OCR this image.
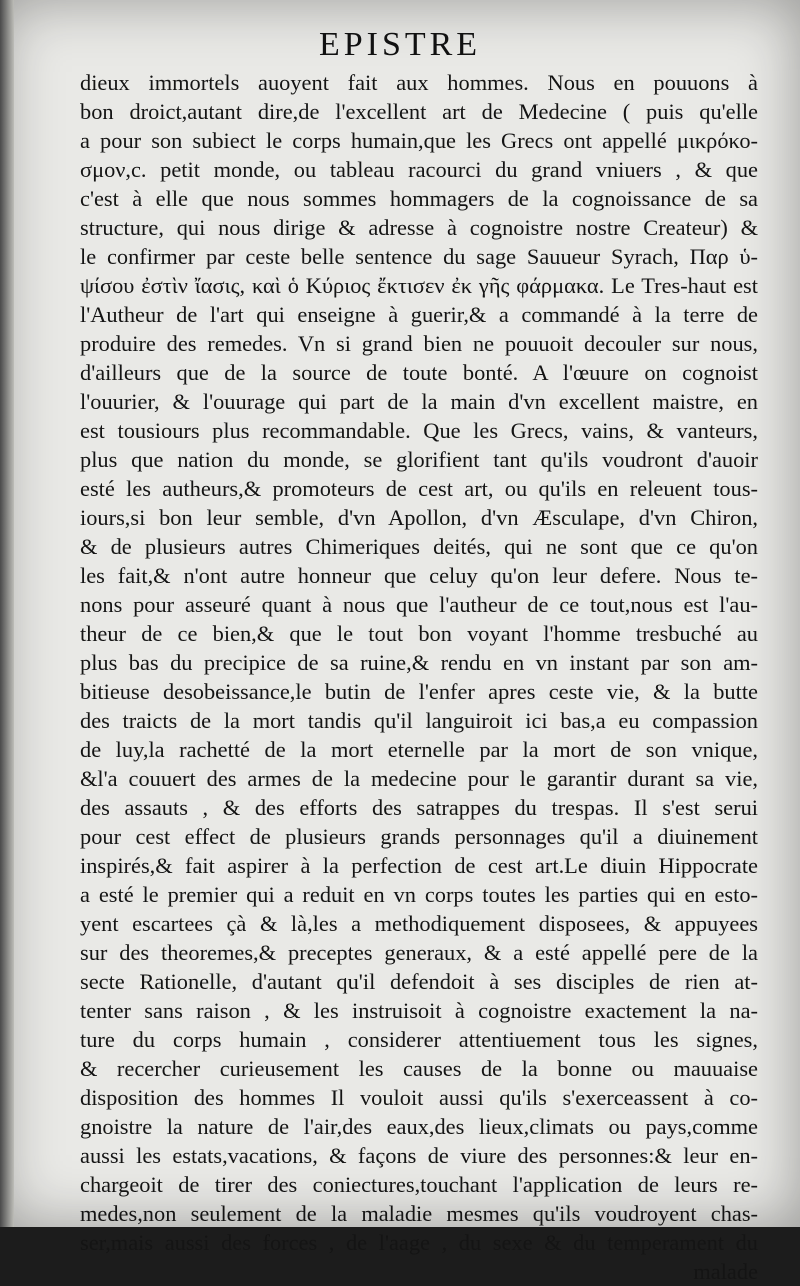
EPISTRE
dieux immortels auoyent fait aux hommes. Nous en pouuons à
bon droict,autant dire,de l'excellent art de Medecine ( puis qu'elle
a pour son subiect le corps humain,que les Grecs ont appellé μικρόκο-
σμον,c. petit monde, ou tableau racourci du grand vniuers , & que
c'est à elle que nous sommes hommagers de la cognoissance de sa
structure, qui nous dirige & adresse à cognoistre nostre Createur) &
le confirmer par ceste belle sentence du sage Sauueur Syrach, Παρ ὑ-
ψίσου ἐστὶν ἴασις, καὶ ὁ Κύριος ἔκτισεν ἐκ γῆς φάρμακα. Le Tres-haut est
l'Autheur de l'art qui enseigne à guerir,& a commandé à la terre de
produire des remedes. Vn si grand bien ne pouuoit decouler sur nous,
d'ailleurs que de la source de toute bonté. A l'œuure on cognoist
l'ouurier, & l'ouurage qui part de la main d'vn excellent maistre, en
est tousiours plus recommandable. Que les Grecs, vains, & vanteurs,
plus que nation du monde, se glorifient tant qu'ils voudront d'auoir
esté les autheurs,& promoteurs de cest art, ou qu'ils en releuent tous-
iours,si bon leur semble, d'vn Apollon, d'vn Æsculape, d'vn Chiron,
& de plusieurs autres Chimeriques deités, qui ne sont que ce qu'on
les fait,& n'ont autre honneur que celuy qu'on leur defere. Nous te-
nons pour asseuré quant à nous que l'autheur de ce tout,nous est l'au-
theur de ce bien,& que le tout bon voyant l'homme tresbuché au
plus bas du precipice de sa ruine,& rendu en vn instant par son am-
bitieuse desobeissance,le butin de l'enfer apres ceste vie, & la butte
des traicts de la mort tandis qu'il languiroit ici bas,a eu compassion
de luy,la rachetté de la mort eternelle par la mort de son vnique,
&l'a couuert des armes de la medecine pour le garantir durant sa vie,
des assauts , & des efforts des satrappes du trespas. Il s'est serui
pour cest effect de plusieurs grands personnages qu'il a diuinement
inspirés,& fait aspirer à la perfection de cest art.Le diuin Hippocrate
a esté le premier qui a reduit en vn corps toutes les parties qui en esto-
yent escartees çà & là,les a methodiquement disposees, & appuyees
sur des theoremes,& preceptes generaux, & a esté appellé pere de la
secte Rationelle, d'autant qu'il defendoit à ses disciples de rien at-
tenter sans raison , & les instruisoit à cognoistre exactement la na-
ture du corps humain , considerer attentiuement tous les signes,
& recercher curieusement les causes de la bonne ou mauuaise
disposition des hommes Il vouloit aussi qu'ils s'exerceassent à co-
gnoistre la nature de l'air,des eaux,des lieux,climats ou pays,comme
aussi les estats,vacations, & façons de viure des personnes:& leur en-
chargeoit de tirer des coniectures,touchant l'application de leurs re-
medes,non seulement de la maladie mesmes qu'ils voudroyent chas-
ser,mais aussi des forces , de l'aage , du sexe & du temperament du
malade
